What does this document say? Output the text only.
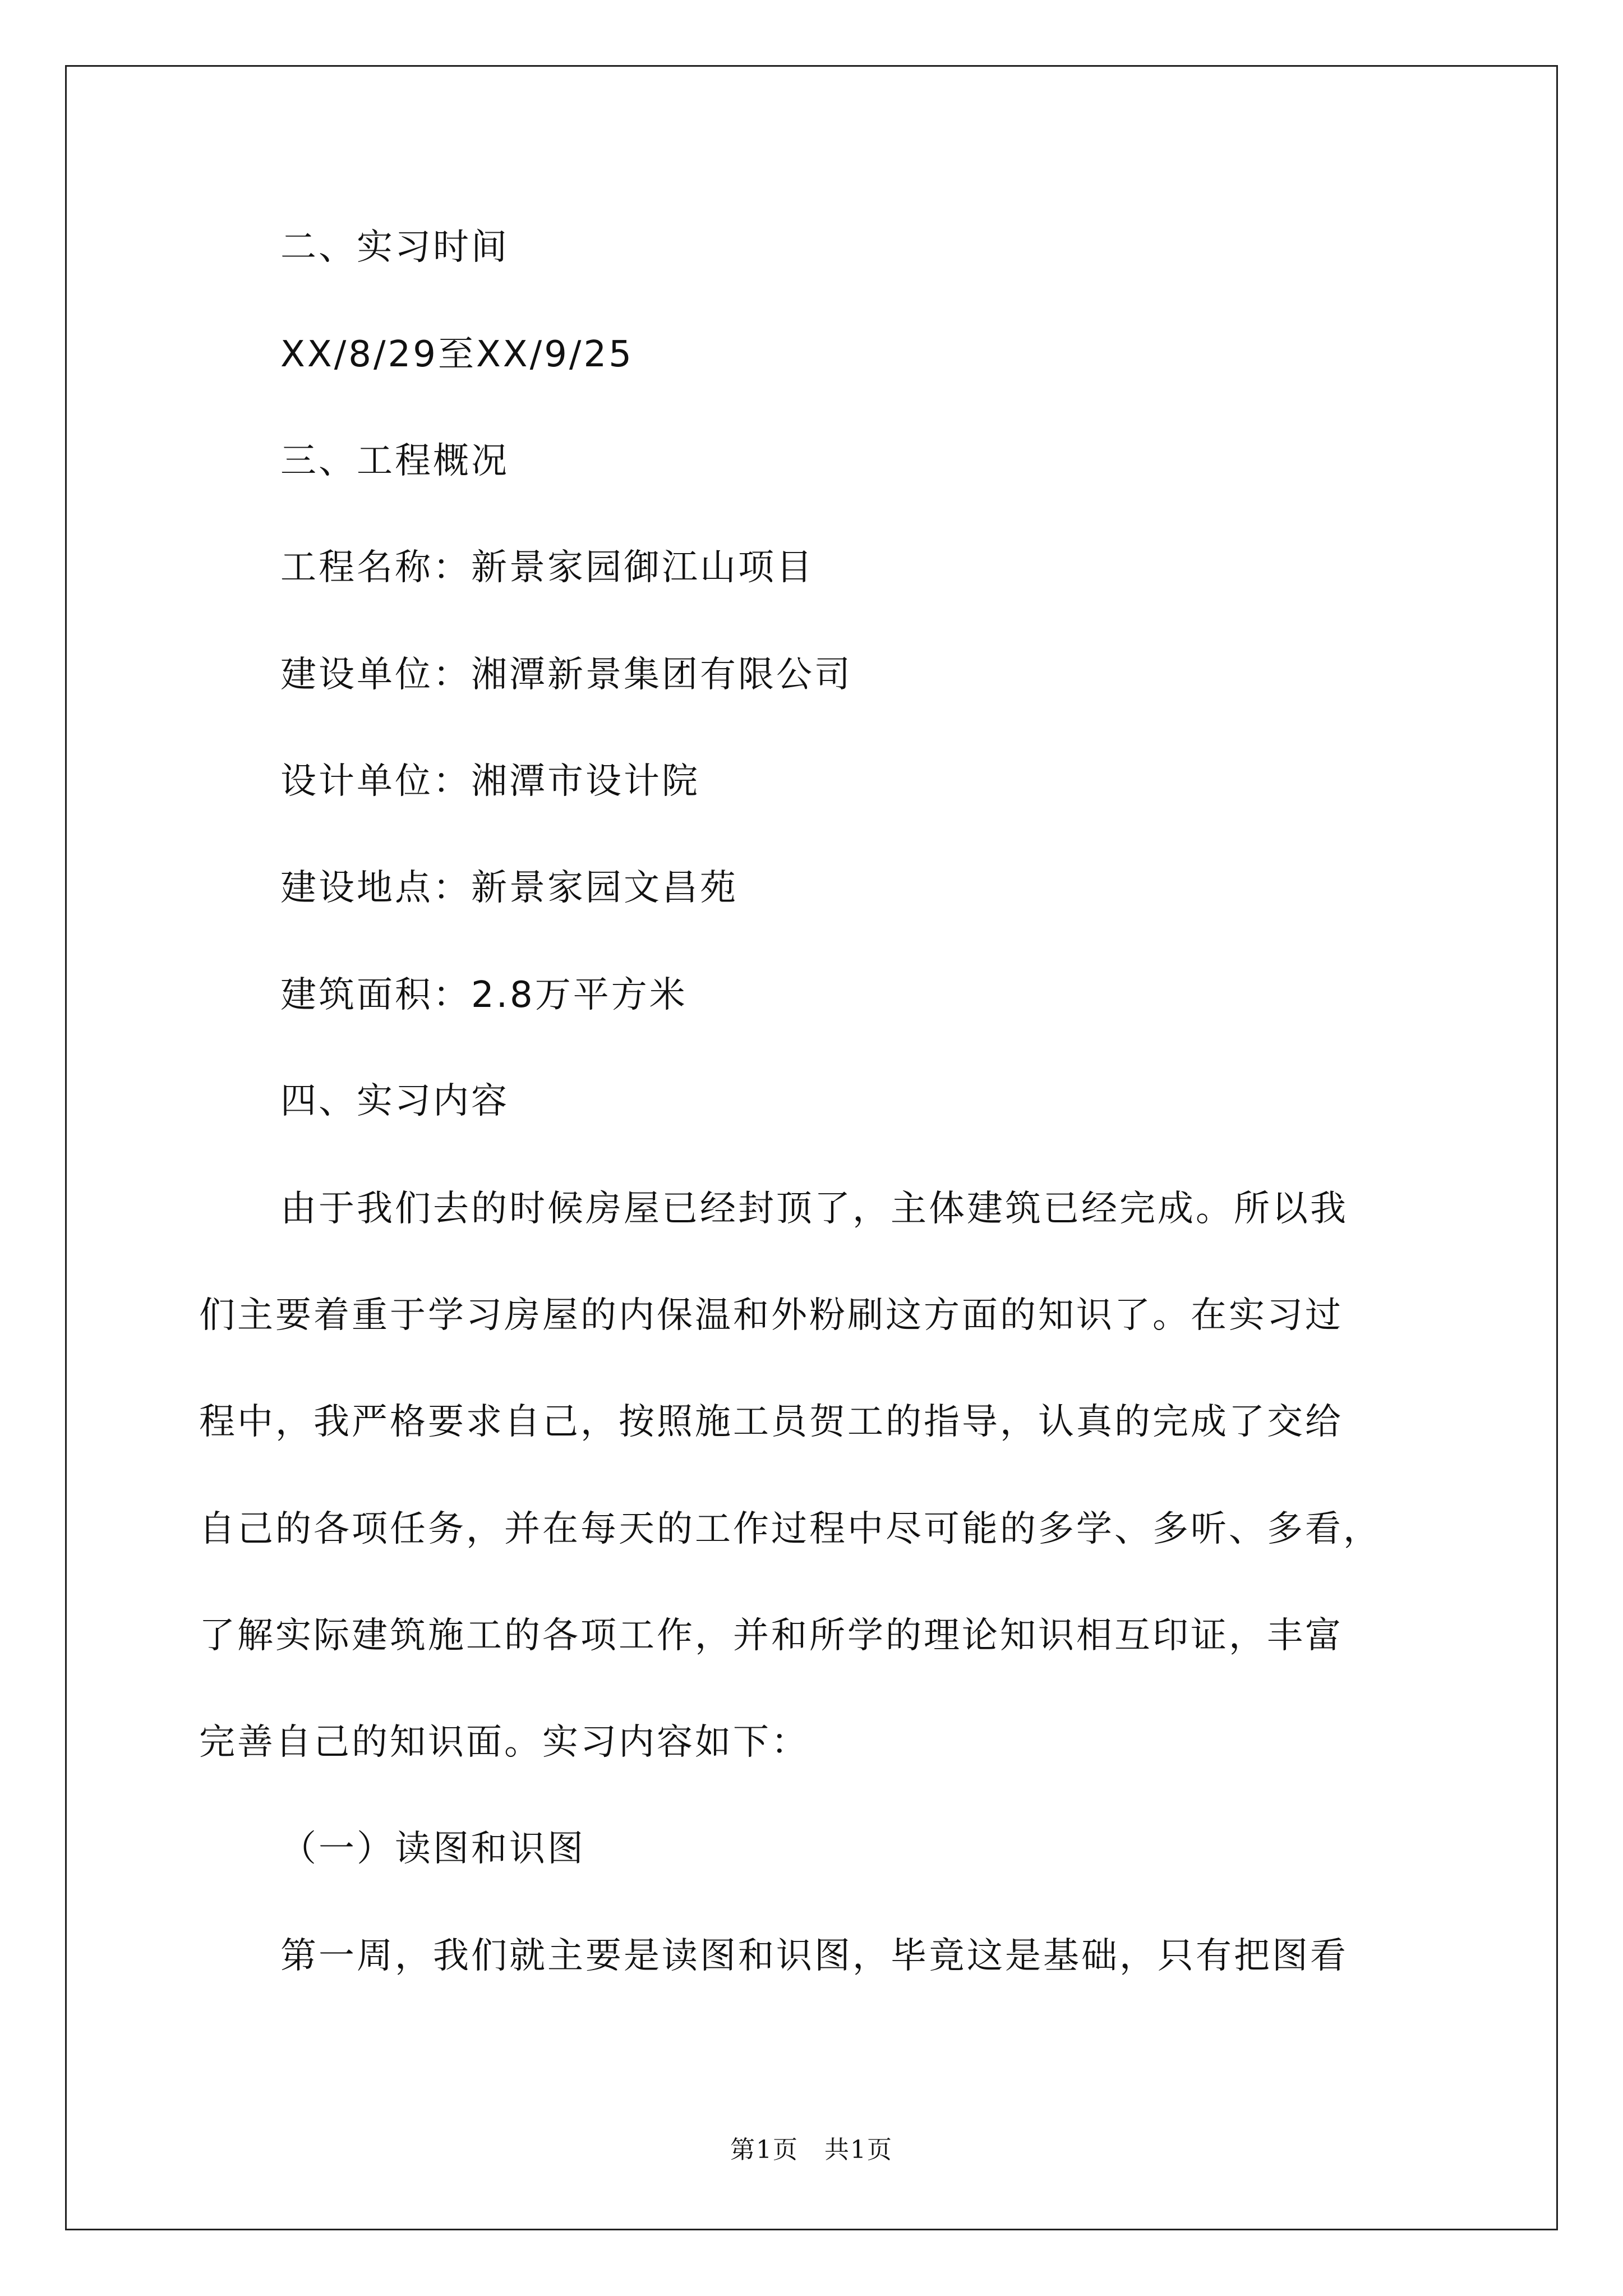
二、实习时间
XX/8/29至XX/9/25
三、工程概况
工程名称：新景家园御江山项目
建设单位：湘潭新景集团有限公司
设计单位：湘潭市设计院
建设地点：新景家园文昌苑
建筑面积：2.8万平方米
四、实习内容
由于我们去的时候房屋已经封顶了，主体建筑已经完成。所以我
们主要着重于学习房屋的内保温和外粉刷这方面的知识了。在实习过
程中，我严格要求自己，按照施工员贺工的指导，认真的完成了交给
自己的各项任务，并在每天的工作过程中尽可能的多学、多听、多看，
了解实际建筑施工的各项工作，并和所学的理论知识相互印证，丰富
完善自己的知识面。实习内容如下：
（一）读图和识图
第一周，我们就主要是读图和识图，毕竟这是基础，只有把图看
第1页　共1页
